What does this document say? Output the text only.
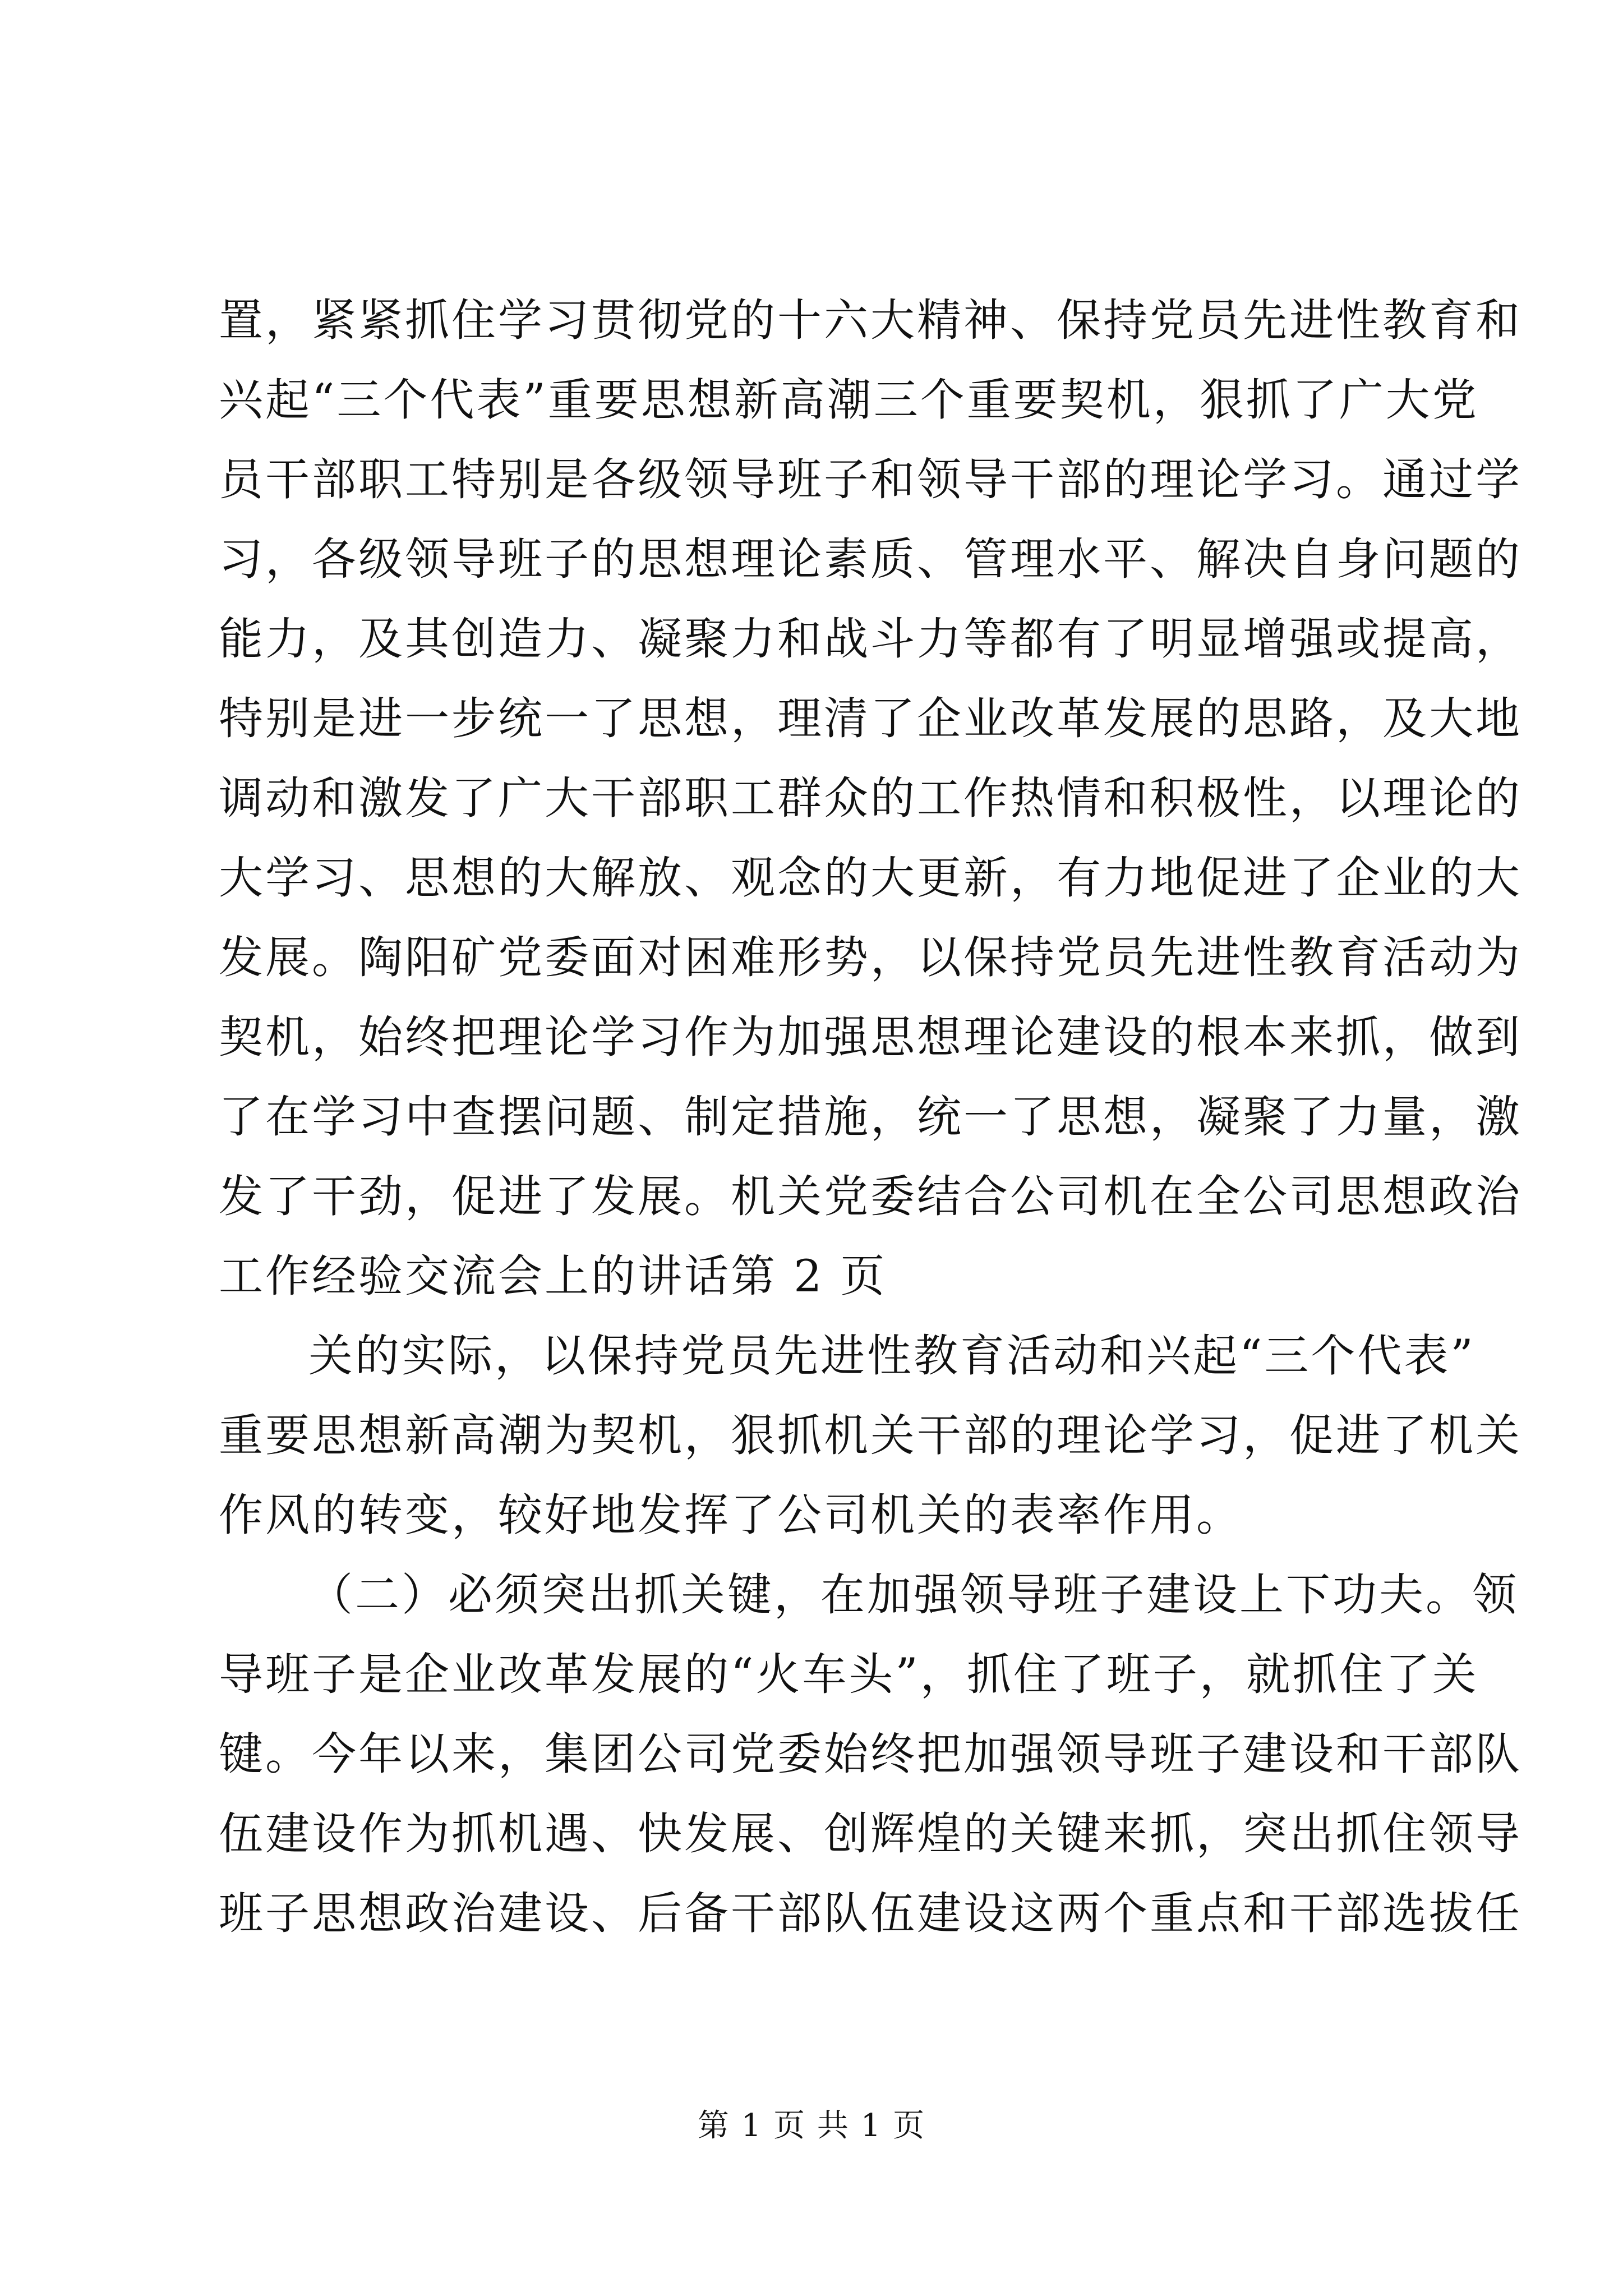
置，紧紧抓住学习贯彻党的十六大精神、保持党员先进性教育和
兴起“三个代表”重要思想新高潮三个重要契机，狠抓了广大党
员干部职工特别是各级领导班子和领导干部的理论学习。通过学
习，各级领导班子的思想理论素质、管理水平、解决自身问题的
能力，及其创造力、凝聚力和战斗力等都有了明显增强或提高，
特别是进一步统一了思想，理清了企业改革发展的思路，及大地
调动和激发了广大干部职工群众的工作热情和积极性，以理论的
大学习、思想的大解放、观念的大更新，有力地促进了企业的大
发展。陶阳矿党委面对困难形势，以保持党员先进性教育活动为
契机，始终把理论学习作为加强思想理论建设的根本来抓，做到
了在学习中查摆问题、制定措施，统一了思想，凝聚了力量，激
发了干劲，促进了发展。机关党委结合公司机在全公司思想政治
工作经验交流会上的讲话第 2 页
关的实际，以保持党员先进性教育活动和兴起“三个代表”
重要思想新高潮为契机，狠抓机关干部的理论学习，促进了机关
作风的转变，较好地发挥了公司机关的表率作用。
（二）必须突出抓关键，在加强领导班子建设上下功夫。领
导班子是企业改革发展的“火车头”，抓住了班子，就抓住了关
键。今年以来，集团公司党委始终把加强领导班子建设和干部队
伍建设作为抓机遇、快发展、创辉煌的关键来抓，突出抓住领导
班子思想政治建设、后备干部队伍建设这两个重点和干部选拔任
第 1 页 共 1 页
